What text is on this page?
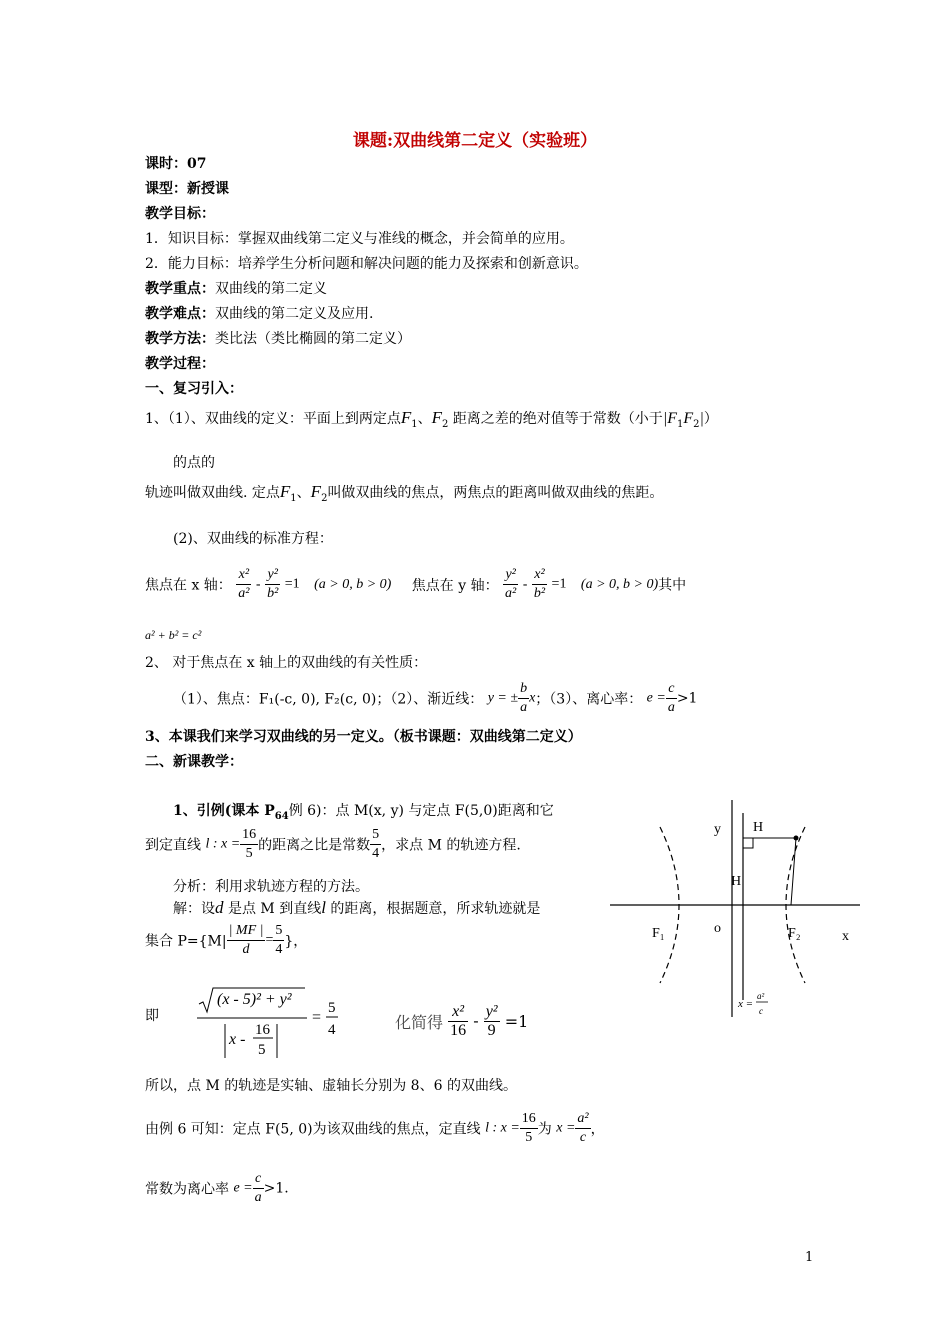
课题:双曲线第二定义（实验班）
课时：07
课型：新授课
教学目标：
1．知识目标：掌握双曲线第二定义与准线的概念，并会简单的应用。
2．能力目标：培养学生分析问题和解决问题的能力及探索和创新意识。
教学重点：双曲线的第二定义
教学难点：双曲线的第二定义及应用.
教学方法：类比法（类比椭圆的第二定义）
教学过程：
一、复习引入：
1、（1）、双曲线的定义：平面上到两定点$F_1$、$F_2$ 距离之差的绝对值等于常数（小于$|F_1F_2|$）
的点的
轨迹叫做双曲线. 定点$F_1$、$F_2$叫做双曲线的焦点，两焦点的距离叫做双曲线的焦距。
(2)、双曲线的标准方程：
焦点在 x 轴： $\frac{\text{x²}}{\text{a²}} - \frac{\text{y²}}{\text{b²}} =1$ (a > 0, b > 0) 焦点在 y 轴： $\frac{\text{y²}}{\text{a²}} - \frac{\text{x²}}{\text{b²}} =1$ (a > 0, b > 0)其中
a² + b² = c²
2、 对于焦点在 x 轴上的双曲线的有关性质：
（1）、焦点：F₁(-c, 0), F₂(c, 0)；（2）、渐近线： y = ± $\frac{b}{a}$ x；（3）、离心率： $e = \frac{c}{a} >1$
3、本课我们来学习双曲线的另一定义。（板书课题：双曲线第二定义）
二、新课教学：
1、引例(课本 $P_{64}$例 6)：点 M(x, y) 与定点 F(5,0)距离和它
到定直线 l : $x = \frac{16}{5}$ 的距离之比是常数 $\frac{5}{4}$ ，求点 M 的轨迹方程.
分析：利用求轨迹方程的方法。
解：设d 是点 M 到直线l 的距离，根据题意，所求轨迹就是
集合 $P=\{M| \frac{| MF |}{d} = \frac{5}{4}$ }，
即
(x - 5)² + y²
x -
16
5
=
5
4	化简得 $\frac{\text{x²}}{16} - \frac{\text{y²}}{9} =1$
所以，点 M 的轨迹是实轴、虚轴长分别为 8、6 的双曲线。
由例 6 可知：定点 F(5, 0)为该双曲线的焦点，定直线 l : $x = \frac{16}{5}$ 为 $x = \frac{\text{a²}}{c}$ ，
常数为离心率 $e = \frac{c}{a} >1$.
y H
H
F₁	o	F₂	x
x =
a²
c
1
